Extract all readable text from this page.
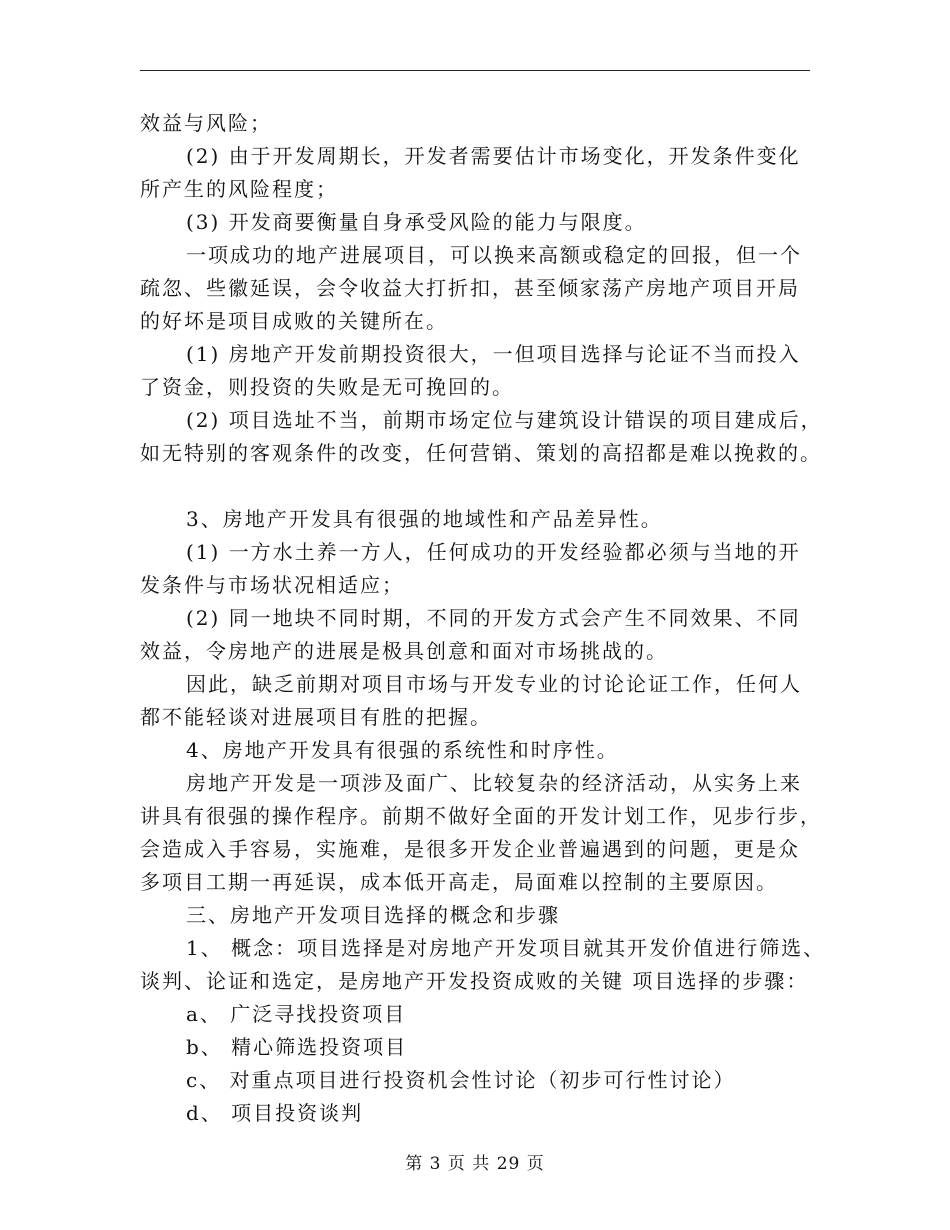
效益与风险；
(2) 由于开发周期长，开发者需要估计市场变化，开发条件变化
所产生的风险程度；
(3) 开发商要衡量自身承受风险的能力与限度。
一项成功的地产进展项目，可以换来高额或稳定的回报，但一个
疏忽、些徽延误，会令收益大打折扣，甚至倾家荡产房地产项目开局
的好坏是项目成败的关键所在。
(1) 房地产开发前期投资很大，一但项目选择与论证不当而投入
了资金，则投资的失败是无可挽回的。
(2) 项目选址不当，前期市场定位与建筑设计错误的项目建成后，
如无特别的客观条件的改变，任何营销、策划的高招都是难以挽救的。
3、房地产开发具有很强的地域性和产品差异性。
(1) 一方水土养一方人，任何成功的开发经验都必须与当地的开
发条件与市场状况相适应；
(2) 同一地块不同时期，不同的开发方式会产生不同效果、不同
效益，令房地产的进展是极具创意和面对市场挑战的。
因此，缺乏前期对项目市场与开发专业的讨论论证工作，任何人
都不能轻谈对进展项目有胜的把握。
4、房地产开发具有很强的系统性和时序性。
房地产开发是一项涉及面广、比较复杂的经济活动，从实务上来
讲具有很强的操作程序。前期不做好全面的开发计划工作，见步行步，
会造成入手容易，实施难，是很多开发企业普遍遇到的问题，更是众
多项目工期一再延误，成本低开高走，局面难以控制的主要原因。
三、房地产开发项目选择的概念和步骤
1、 概念：项目选择是对房地产开发项目就其开发价值进行筛选、
谈判、论证和选定，是房地产开发投资成败的关键 项目选择的步骤：
a、 广泛寻找投资项目
b、 精心筛选投资项目
c、 对重点项目进行投资机会性讨论（初步可行性讨论）
d、 项目投资谈判
第 3 页 共 29 页
